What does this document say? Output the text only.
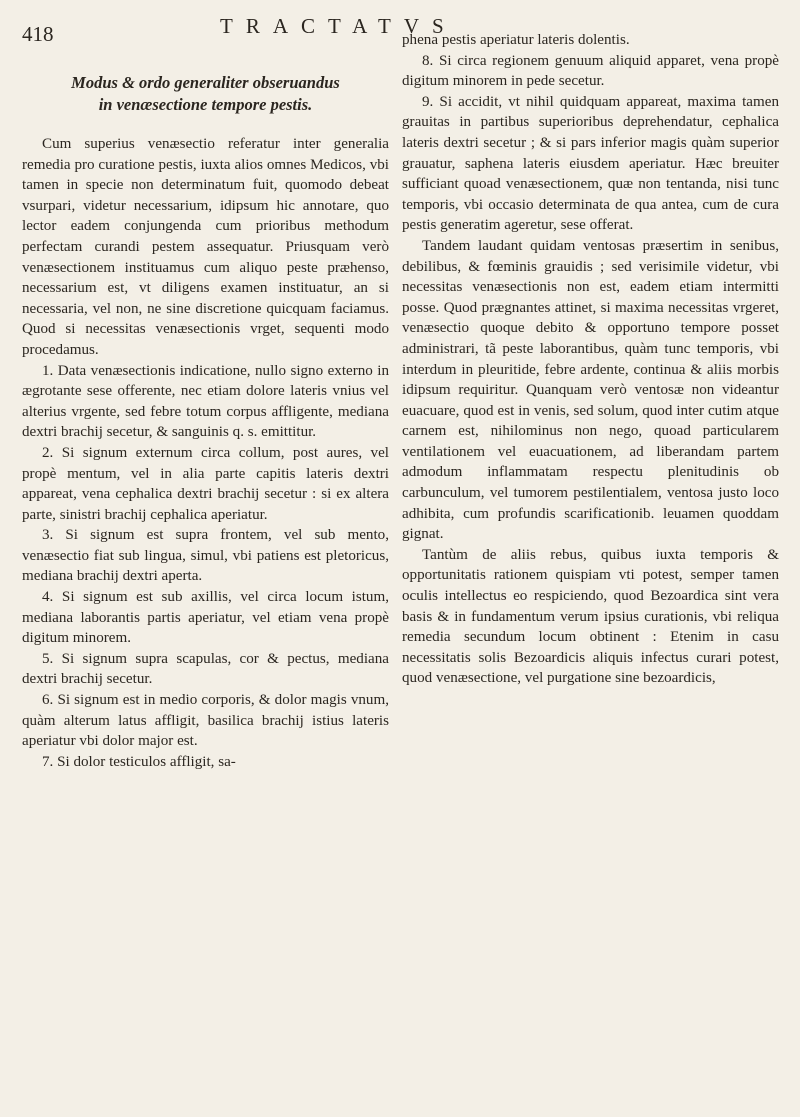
418	TRACTATVS

Modus & ordo generaliter obseruandus
in venæsectione tempore pestis.

Cum superius venæsectio referatur inter generalia remedia pro curatione pestis, iuxta alios omnes Medicos, vbi tamen in specie non determinatum fuit, quomodo debeat vsurpari, videtur necessarium, idipsum hic annotare, quo lector eadem conjungenda cum prioribus methodum perfectam curandi pestem assequatur. Priusquam verò venæsectionem instituamus cum aliquo peste præhenso, necessarium est, vt diligens examen instituatur, an si necessaria, vel non, ne sine discretione quicquam faciamus. Quod si necessitas venæsectionis vrget, sequenti modo procedamus.

1. Data venæsectionis indicatione, nullo signo externo in ægrotante sese offerente, nec etiam dolore lateris vnius vel alterius vrgente, sed febre totum corpus affligente, mediana dextri brachij secetur, & sanguinis q. s. emittitur.

2. Si signum externum circa collum, post aures, vel propè mentum, vel in alia parte capitis lateris dextri appareat, vena cephalica dextri brachij secetur : si ex altera parte, sinistri brachij cephalica aperiatur.

3. Si signum est supra frontem, vel sub mento, venæsectio fiat sub lingua, simul, vbi patiens est pletoricus, mediana brachij dextri aperta.

4. Si signum est sub axillis, vel circa locum istum, mediana laborantis partis aperiatur, vel etiam vena propè digitum minorem.

5. Si signum supra scapulas, cor & pectus, mediana dextri brachij secetur.

6. Si signum est in medio corporis, & dolor magis vnum, quàm alterum latus affligit, basilica brachij istius lateris aperiatur vbi dolor major est.

7. Si dolor testiculos affligit, sa-

phena pestis aperiatur lateris dolentis.

8. Si circa regionem genuum aliquid apparet, vena propè digitum minorem in pede secetur.

9. Si accidit, vt nihil quidquam appareat, maxima tamen grauitas in partibus superioribus deprehendatur, cephalica lateris dextri secetur ; & si pars inferior magis quàm superior grauatur, saphena lateris eiusdem aperiatur. Hæc breuiter sufficiant quoad venæsectionem, quæ non tentanda, nisi tunc temporis, vbi occasio determinata de qua antea, cum de cura pestis generatim ageretur, sese offerat.

Tandem laudant quidam ventosas præsertim in senibus, debilibus, & fœminis grauidis ; sed verisimile videtur, vbi necessitas venæsectionis non est, eadem etiam intermitti posse. Quod prægnantes attinet, si maxima necessitas vrgeret, venæsectio quoque debito & opportuno tempore posset administrari, tã peste laborantibus, quàm tunc temporis, vbi interdum in pleuritide, febre ardente, continua & aliis morbis idipsum requiritur. Quanquam verò ventosæ non videantur euacuare, quod est in venis, sed solum, quod inter cutim atque carnem est, nihilominus non nego, quoad particularem ventilationem vel euacuationem, ad liberandam partem admodum inflammatam respectu plenitudinis ob carbunculum, vel tumorem pestilentialem, ventosa justo loco adhibita, cum profundis scarificationib. leuamen quoddam gignat.

Tantùm de aliis rebus, quibus iuxta temporis & opportunitatis rationem quispiam vti potest, semper tamen oculis intellectus eo respiciendo, quod Bezoardica sint vera basis & in fundamentum verum ipsius curationis, vbi reliqua remedia secundum locum obtinent : Etenim in casu necessitatis solis Bezoardicis aliquis infectus curari potest, quod venæsectione, vel purgatione sine bezoardicis,
